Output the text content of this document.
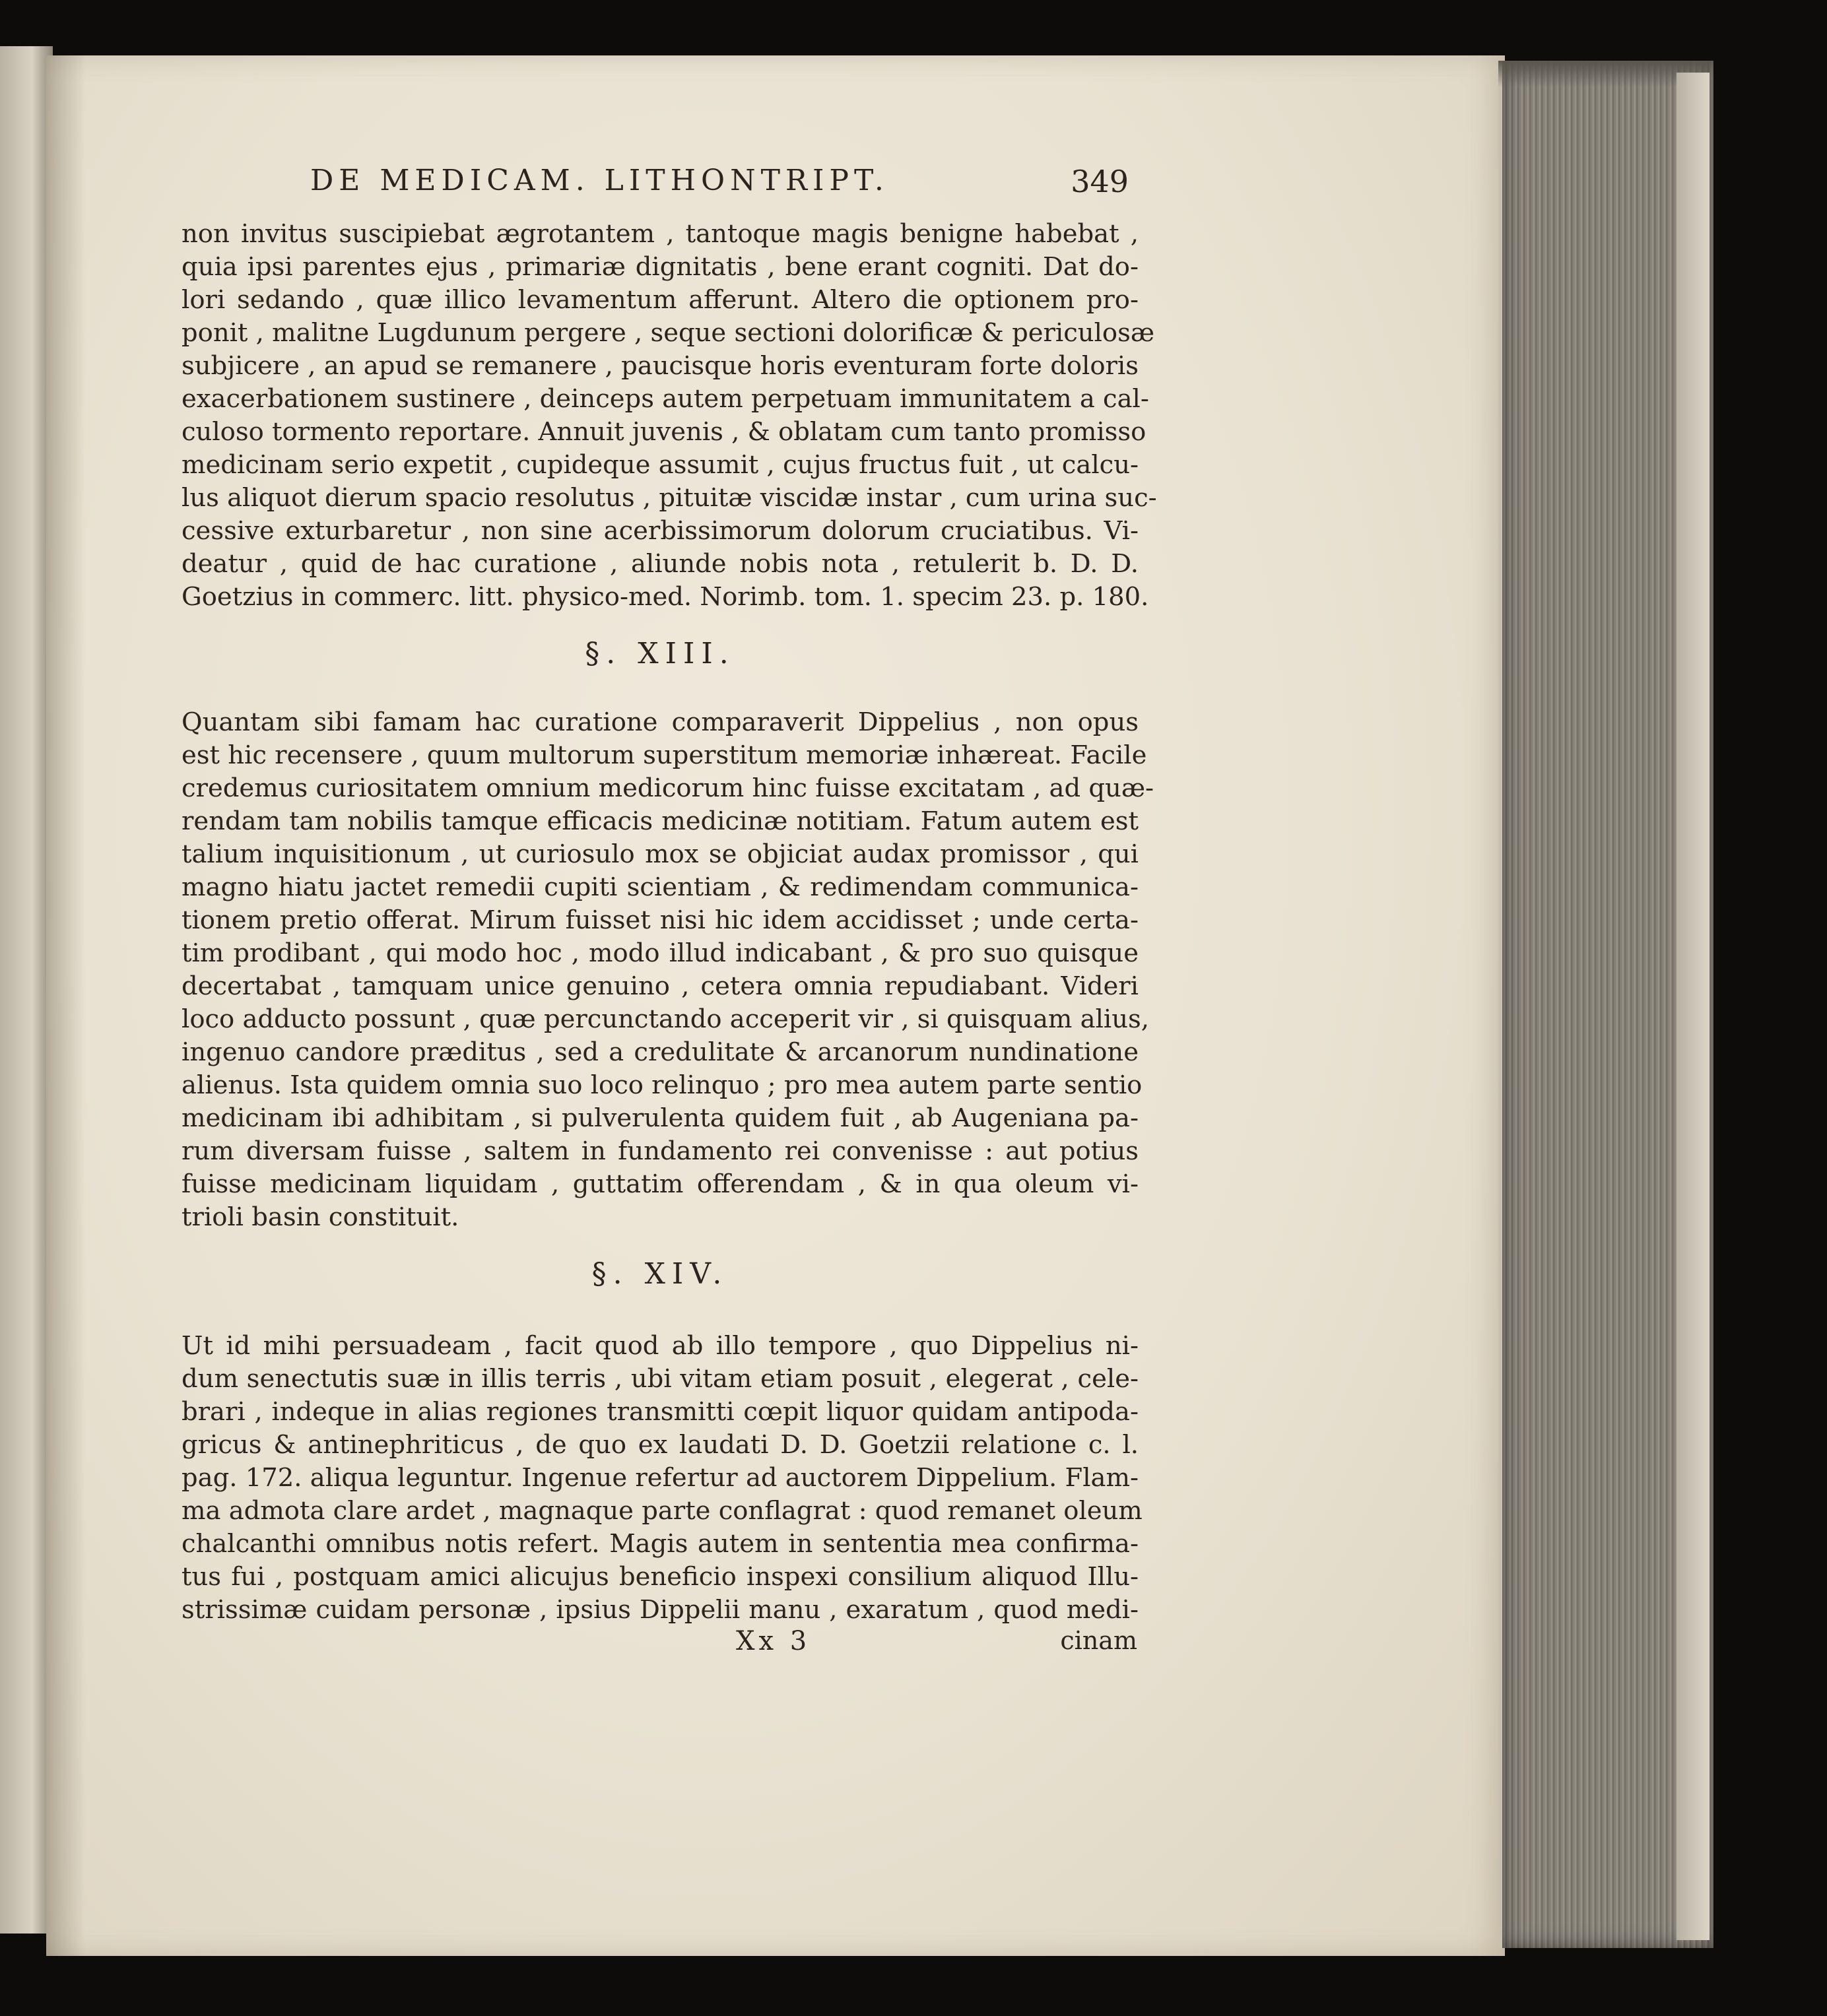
DE MEDICAM. LITHONTRIPT.	349
non invitus suscipiebat ægrotantem , tantoque magis benigne habebat ,
quia ipsi parentes ejus , primariæ dignitatis , bene erant cogniti. Dat do-
lori sedando , quæ illico levamentum afferunt. Altero die optionem pro-
ponit , malitne Lugdunum pergere , seque sectioni dolorificæ & periculosæ
subjicere , an apud se remanere , paucisque horis eventuram forte doloris
exacerbationem sustinere , deinceps autem perpetuam immunitatem a cal-
culoso tormento reportare. Annuit juvenis , & oblatam cum tanto promisso
medicinam serio expetit , cupideque assumit , cujus fructus fuit , ut calcu-
lus aliquot dierum spacio resolutus , pituitæ viscidæ instar , cum urina suc-
cessive exturbaretur , non sine acerbissimorum dolorum cruciatibus. Vi-
deatur , quid de hac curatione , aliunde nobis nota , retulerit b. D. D.
Goetzius in commerc. litt. physico-med. Norimb. tom. 1. specim 23. p. 180.
§. XIII.
Quantam sibi famam hac curatione comparaverit Dippelius , non opus
est hic recensere , quum multorum superstitum memoriæ inhæreat. Facile
credemus curiositatem omnium medicorum hinc fuisse excitatam , ad quæ-
rendam tam nobilis tamque efficacis medicinæ notitiam. Fatum autem est
talium inquisitionum , ut curiosulo mox se objiciat audax promissor , qui
magno hiatu jactet remedii cupiti scientiam , & redimendam communica-
tionem pretio offerat. Mirum fuisset nisi hic idem accidisset ; unde certa-
tim prodibant , qui modo hoc , modo illud indicabant , & pro suo quisque
decertabat , tamquam unice genuino , cetera omnia repudiabant. Videri
loco adducto possunt , quæ percunctando acceperit vir , si quisquam alius,
ingenuo candore præditus , sed a credulitate & arcanorum nundinatione
alienus. Ista quidem omnia suo loco relinquo ; pro mea autem parte sentio
medicinam ibi adhibitam , si pulverulenta quidem fuit , ab Augeniana pa-
rum diversam fuisse , saltem in fundamento rei convenisse : aut potius
fuisse medicinam liquidam , guttatim offerendam , & in qua oleum vi-
trioli basin constituit.
§. XIV.
Ut id mihi persuadeam , facit quod ab illo tempore , quo Dippelius ni-
dum senectutis suæ in illis terris , ubi vitam etiam posuit , elegerat , cele-
brari , indeque in alias regiones transmitti cœpit liquor quidam antipoda-
gricus & antinephriticus , de quo ex laudati D. D. Goetzii relatione c. l.
pag. 172. aliqua leguntur. Ingenue refertur ad auctorem Dippelium. Flam-
ma admota clare ardet , magnaque parte conflagrat : quod remanet oleum
chalcanthi omnibus notis refert. Magis autem in sententia mea confirma-
tus fui , postquam amici alicujus beneficio inspexi consilium aliquod Illu-
strissimæ cuidam personæ , ipsius Dippelii manu , exaratum , quod medi-
Xx 3	cinam
